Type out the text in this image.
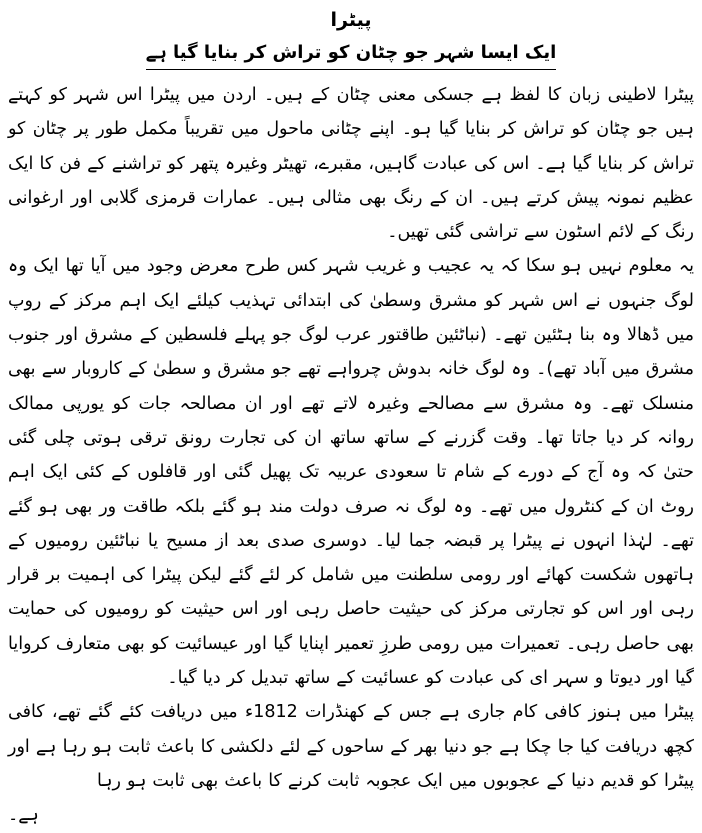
پیٹرا
ایک ایسا شہر جو چٹان کو تراش کر بنایا گیا ہے

پیٹرا لاطینی زبان کا لفظ ہے جسکی معنی چٹان کے ہیں۔ اردن میں پیٹرا اس شہر کو کہتے ہیں جو چٹان کو تراش کر بنایا گیا ہو۔ اپنے چٹانی ماحول میں تقریباً مکمل طور پر چٹان کو تراش کر بنایا گیا ہے۔ اس کی عبادت گاہیں، مقبرے، تھیٹر وغیرہ پتھر کو تراشنے کے فن کا ایک عظیم نمونہ پیش کرتے ہیں۔ ان کے رنگ بھی مثالی ہیں۔ عمارات قرمزی گلابی اور ارغوانی رنگ کے لائم اسٹون سے تراشی گئی تھیں۔

یہ معلوم نہیں ہو سکا کہ یہ عجیب و غریب شہر کس طرح معرض وجود میں آیا تھا ایک وہ لوگ جنہوں نے اس شہر کو مشرق وسطیٰ کی ابتدائی تہذیب کیلئے ایک اہم مرکز کے روپ میں ڈھالا وہ بنا ہٹئین تھے۔ (نباٹئین طاقتور عرب لوگ جو پہلے فلسطین کے مشرق اور جنوب مشرق میں آباد تھے)۔ وہ لوگ خانہ بدوش چرواہے تھے جو مشرق و سطیٰ کے کاروبار سے بھی منسلک تھے۔ وہ مشرق سے مصالحے وغیرہ لاتے تھے اور ان مصالحہ جات کو یورپی ممالک روانہ کر دیا جاتا تھا۔ وقت گزرنے کے ساتھ ساتھ ان کی تجارت رونق ترقی ہوتی چلی گئی حتیٰ کہ وہ آج کے دورے کے شام تا سعودی عربیہ تک پھیل گئی اور قافلوں کے کئی ایک اہم روٹ ان کے کنٹرول میں تھے۔ وہ لوگ نہ صرف دولت مند ہو گئے بلکہ طاقت ور بھی ہو گئے تھے۔ لہٰذا انہوں نے پیٹرا پر قبضہ جما لیا۔ دوسری صدی بعد از مسیح یا نباٹئین رومیوں کے ہاتھوں شکست کھائے اور رومی سلطنت میں شامل کر لئے گئے لیکن پیٹرا کی اہمیت بر قرار رہی اور اس کو تجارتی مرکز کی حیثیت حاصل رہی اور اس حیثیت کو رومیوں کی حمایت بھی حاصل رہی۔ تعمیرات میں رومی طرزِ تعمیر اپنایا گیا اور عیسائیت کو بھی متعارف کروایا گیا اور دیوتا و سہر ای کی عبادت کو عسائیت کے ساتھ تبدیل کر دیا گیا۔

پیٹرا میں ہنوز کافی کام جاری ہے جس کے کھنڈرات 1812ء میں دریافت کئے گئے تھے، کافی کچھ دریافت کیا جا چکا ہے جو دنیا بھر کے ساحوں کے لئے دلکشی کا باعث ثابت ہو رہا ہے اور پیٹرا کو قدیم دنیا کے عجوبوں میں ایک عجوبہ ثابت کرنے کا باعث بھی ثابت ہو رہا

ہے۔
